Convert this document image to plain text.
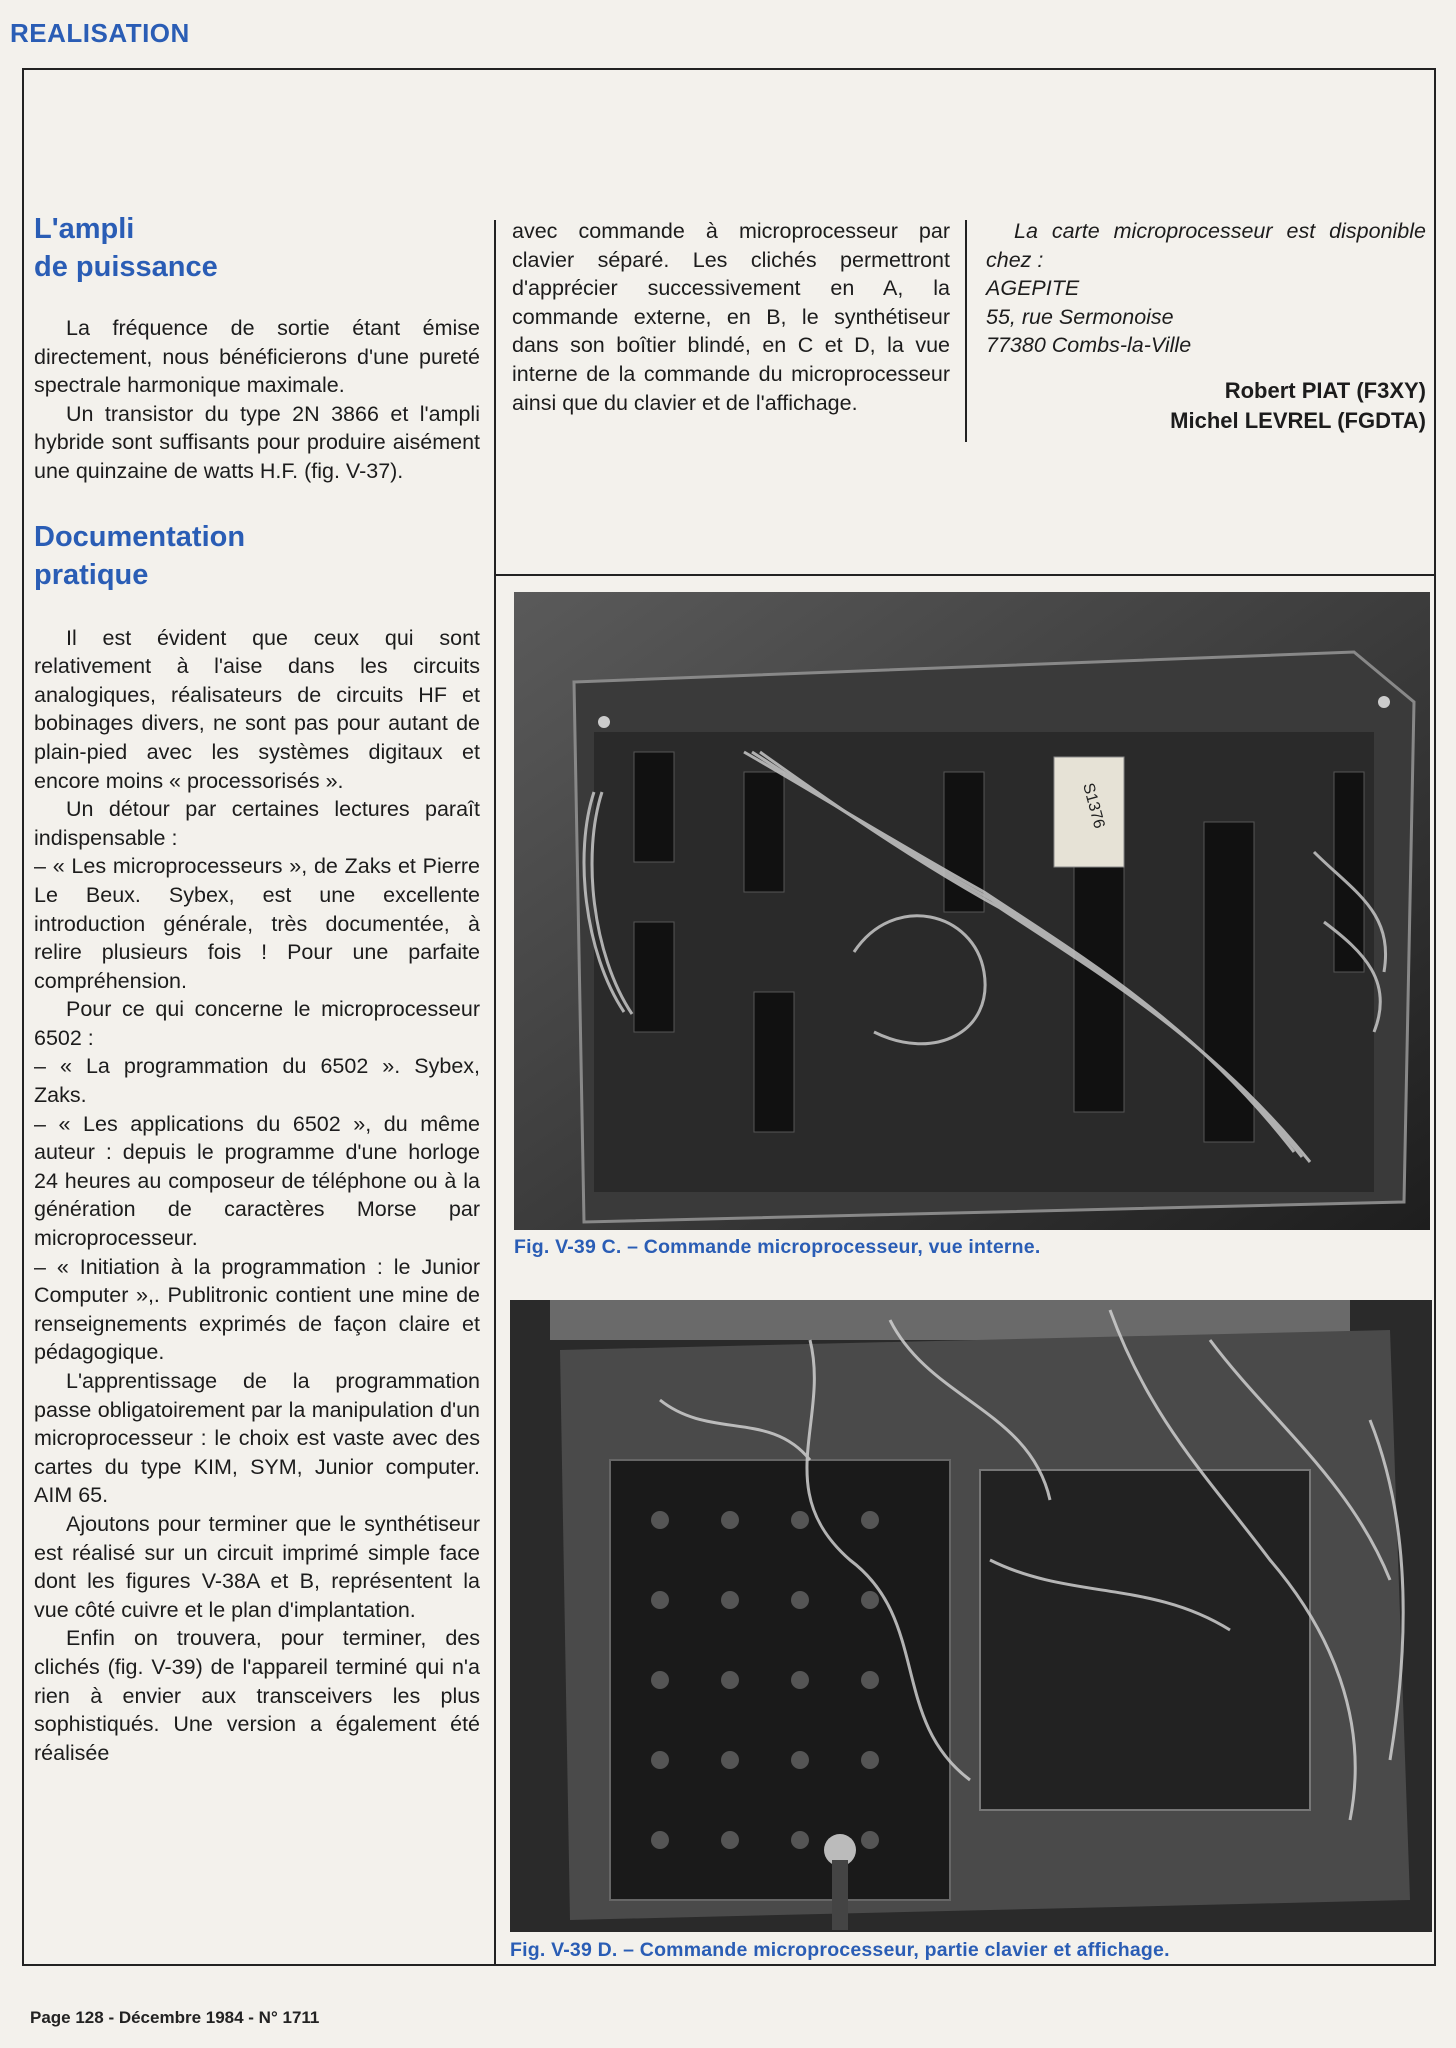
REALISATION
L'ampli
de puissance

La fréquence de sortie étant émise directement, nous bénéficierons d'une pureté spectrale harmonique maximale.

Un transistor du type 2N 3866 et l'ampli hybride sont suffisants pour produire aisément une quinzaine de watts H.F. (fig. V-37).

Documentation
pratique

Il est évident que ceux qui sont relativement à l'aise dans les circuits analogiques, réalisateurs de circuits HF et bobinages divers, ne sont pas pour autant de plain-pied avec les systèmes digitaux et encore moins « processorisés ».

Un détour par certaines lectures paraît indispensable :

– « Les microprocesseurs », de Zaks et Pierre Le Beux. Sybex, est une excellente introduction générale, très documentée, à relire plusieurs fois ! Pour une parfaite compréhension.

Pour ce qui concerne le microprocesseur 6502 :

– « La programmation du 6502 ». Sybex, Zaks.

– « Les applications du 6502 », du même auteur : depuis le programme d'une horloge 24 heures au composeur de téléphone ou à la génération de caractères Morse par microprocesseur.

– « Initiation à la programmation : le Junior Computer »,. Publitronic contient une mine de renseignements exprimés de façon claire et pédagogique.

L'apprentissage de la programmation passe obligatoirement par la manipulation d'un microprocesseur : le choix est vaste avec des cartes du type KIM, SYM, Junior computer. AIM 65.

Ajoutons pour terminer que le synthétiseur est réalisé sur un circuit imprimé simple face dont les figures V-38A et B, représentent la vue côté cuivre et le plan d'implantation.

Enfin on trouvera, pour terminer, des clichés (fig. V-39) de l'appareil terminé qui n'a rien à envier aux transceivers les plus sophistiqués. Une version a également été réalisée

avec commande à microprocesseur par clavier séparé. Les clichés permettront d'apprécier successivement en A, la commande externe, en B, le synthétiseur dans son boîtier blindé, en C et D, la vue interne de la commande du microprocesseur ainsi que du clavier et de l'affichage.

La carte microprocesseur est disponible chez :

AGEPITE

55, rue Sermonoise

77380 Combs-la-Ville

Robert PIAT (F3XY)

Michel LEVREL (FGDTA)

S1376
Fig. V-39 C. – Commande microprocesseur, vue interne.
Fig. V-39 D. – Commande microprocesseur, partie clavier et affichage.
Page 128 - Décembre 1984 - N° 1711
